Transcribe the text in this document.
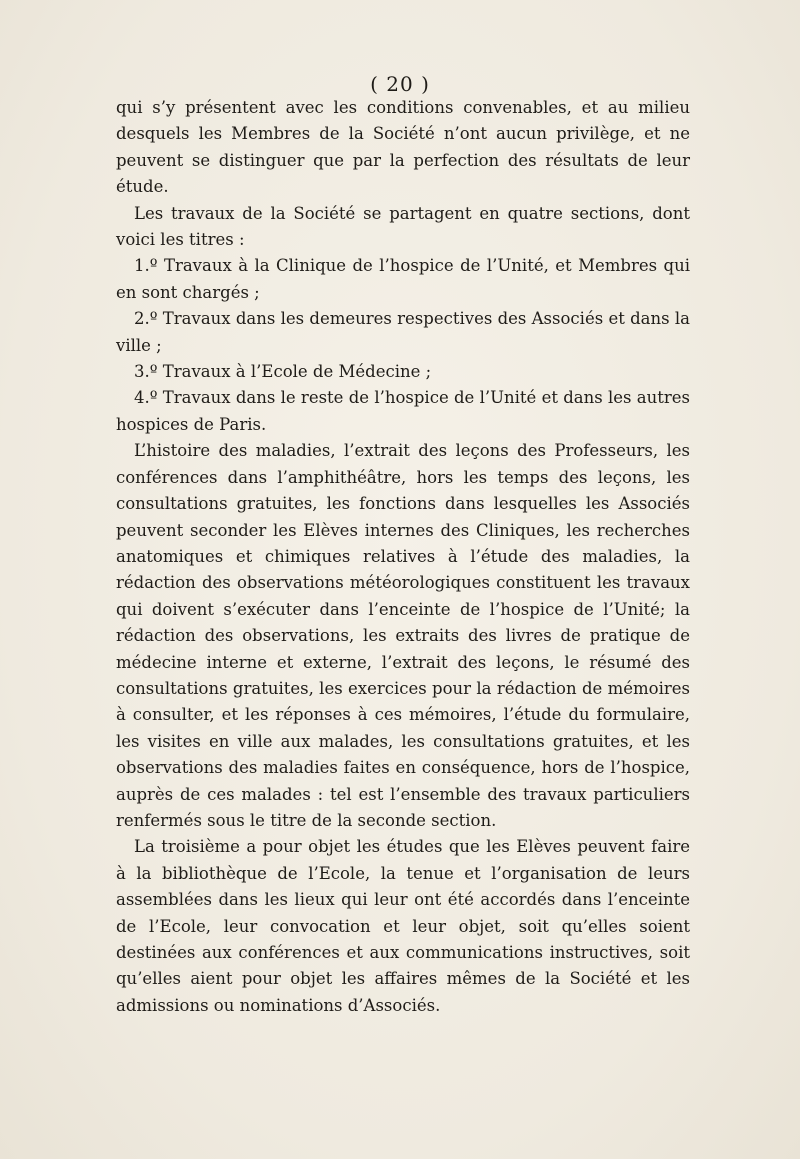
( 20 )

qui s’y présentent avec les conditions convenables, et au milieu desquels les Membres de la Société n’ont aucun privilège, et ne peuvent se distinguer que par la perfection des résultats de leur étude.

Les travaux de la Société se partagent en quatre sections, dont voici les titres :

1.º Travaux à la Clinique de l’hospice de l’Unité, et Membres qui en sont chargés ;

2.º Travaux dans les demeures respectives des Associés et dans la ville ;

3.º Travaux à l’Ecole de Médecine ;

4.º Travaux dans le reste de l’hospice de l’Unité et dans les autres hospices de Paris.

L’histoire des maladies, l’extrait des leçons des Professeurs, les conférences dans l’amphithéâtre, hors les temps des leçons, les consultations gratuites, les fonctions dans lesquelles les Associés peuvent seconder les Elèves internes des Cliniques, les recherches anatomiques et chimiques relatives à l’étude des maladies, la rédaction des observations météorologiques constituent les travaux qui doivent s’exécuter dans l’enceinte de l’hospice de l’Unité; la rédaction des observations, les extraits des livres de pratique de médecine interne et externe, l’extrait des leçons, le résumé des consultations gratuites, les exercices pour la rédaction de mémoires à consulter, et les réponses à ces mémoires, l’étude du formulaire, les visites en ville aux malades, les consultations gratuites, et les observations des maladies faites en conséquence, hors de l’hospice, auprès de ces malades : tel est l’ensemble des travaux particuliers renfermés sous le titre de la seconde section.

La troisième a pour objet les études que les Elèves peuvent faire à la bibliothèque de l’Ecole, la tenue et l’organisation de leurs assemblées dans les lieux qui leur ont été accordés dans l’enceinte de l’Ecole, leur convocation et leur objet, soit qu’elles soient destinées aux conférences et aux communications instructives, soit qu’elles aient pour objet les affaires mêmes de la Société et les admissions ou nominations d’Associés.
